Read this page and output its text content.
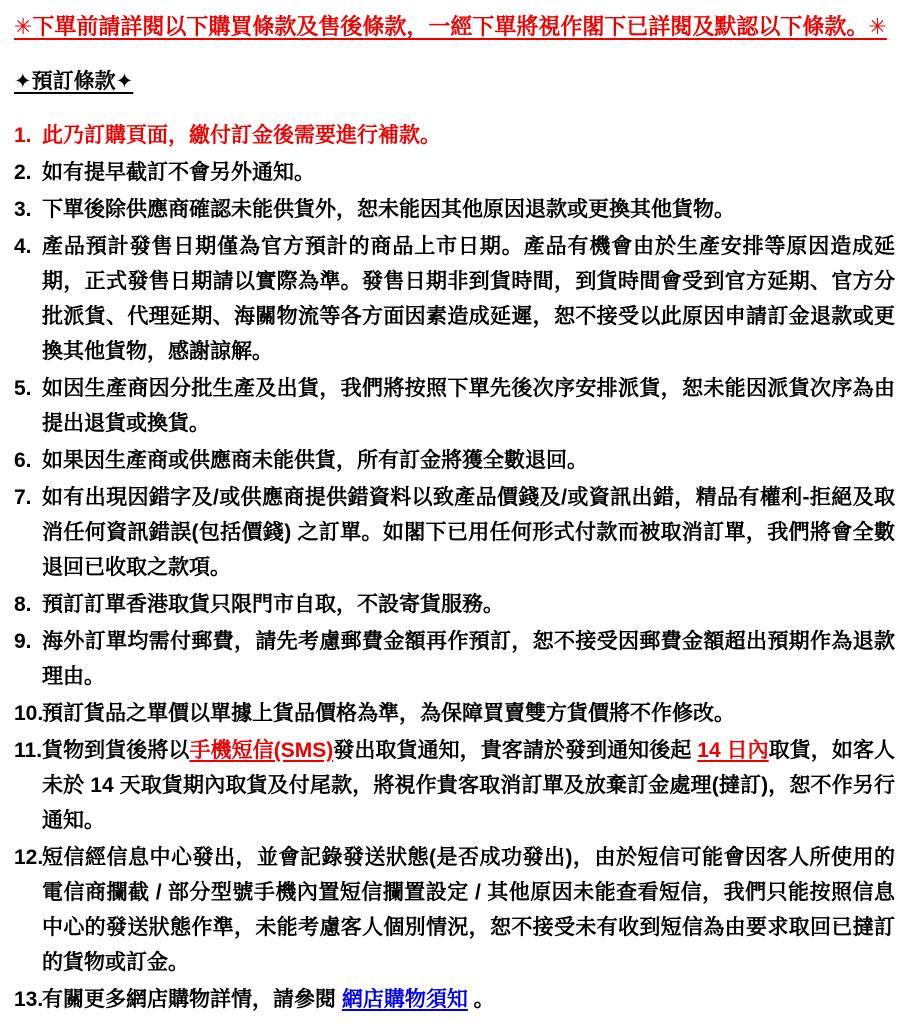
✳︎下單前請詳閱以下購買條款及售後條款，一經下單將視作閣下已詳閱及默認以下條款。✳︎
✦預訂條款✦
1. 此乃訂購頁面，繳付訂金後需要進行補款。
2. 如有提早截訂不會另外通知。
3. 下單後除供應商確認未能供貨外，恕未能因其他原因退款或更換其他貨物。
4. 產品預計發售日期僅為官方預計的商品上市日期。產品有機會由於生產安排等原因造成延期，正式發售日期請以實際為準。發售日期非到貨時間，到貨時間會受到官方延期、官方分批派貨、代理延期、海關物流等各方面因素造成延遲，恕不接受以此原因申請訂金退款或更換其他貨物，感謝諒解。
5. 如因生產商因分批生產及出貨，我們將按照下單先後次序安排派貨，恕未能因派貨次序為由提出退貨或換貨。
6. 如果因生產商或供應商未能供貨，所有訂金將獲全數退回。
7. 如有出現因錯字及/或供應商提供錯資料以致產品價錢及/或資訊出錯，精品有權利-拒絕及取消任何資訊錯誤(包括價錢) 之訂單。如閣下已用任何形式付款而被取消訂單，我們將會全數退回已收取之款項。
8. 預訂訂單香港取貨只限門市自取，不設寄貨服務。
9. 海外訂單均需付郵費，請先考慮郵費金額再作預訂，恕不接受因郵費金額超出預期作為退款理由。
10.
預訂貨品之單價以單據上貨品價格為準，為保障買賣雙方貨價將不作修改。
11. 貨物到貨後將以手機短信(SMS)發出取貨通知，貴客請於發到通知後起 14 日內取貨，如客人未於 14 天取貨期內取貨及付尾款，將視作貴客取消訂單及放棄訂金處理(撻訂)，恕不作另行通知。
12.
短信經信息中心發出，並會記錄發送狀態(是否成功發出)，由於短信可能會因客人所使用的電信商攔截 / 部分型號手機內置短信攔置設定 / 其他原因未能查看短信，我們只能按照信息中心的發送狀態作準，未能考慮客人個別情況，恕不接受未有收到短信為由要求取回已撻訂的貨物或訂金。
13.
有關更多網店購物詳情，請參閱 網店購物須知 。
